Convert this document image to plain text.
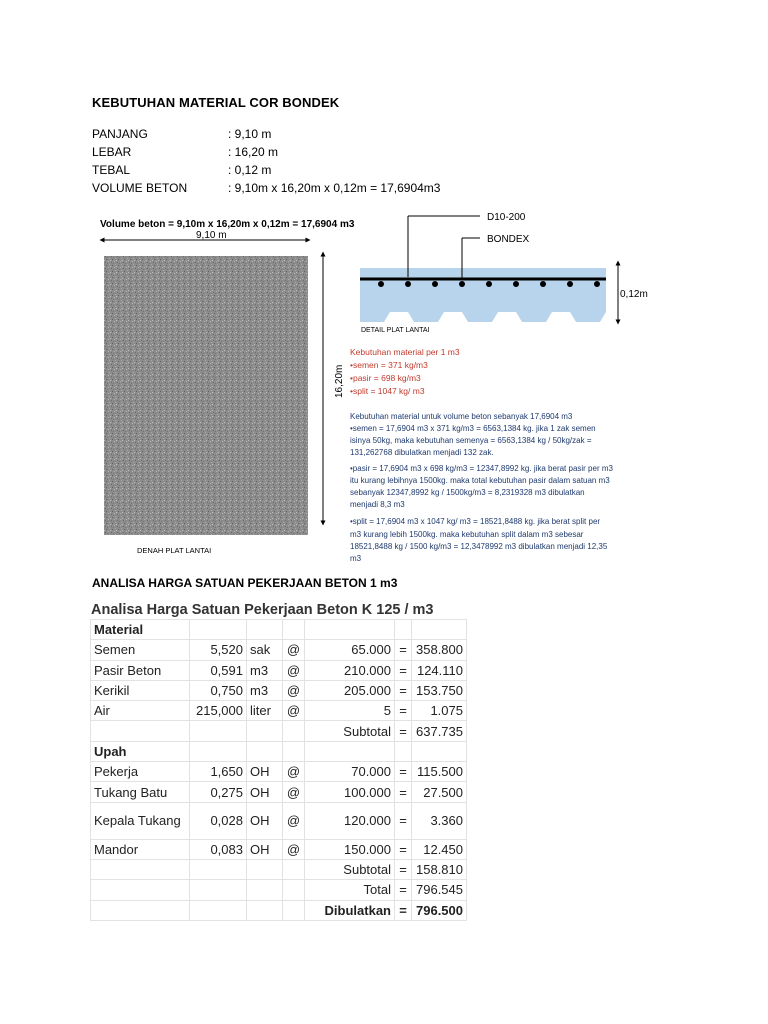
KEBUTUHAN MATERIAL COR BONDEK
PANJANG	: 9,10 m
LEBAR	: 16,20 m
TEBAL	: 0,12 m
VOLUME BETON	: 9,10m x 16,20m x 0,12m = 17,6904m3
Volume beton = 9,10m x 16,20m x 0,12m = 17,6904 m3
9,10 m
16,20m
DENAH PLAT LANTAI
D10-200
BONDEX
0,12m
DETAIL PLAT LANTAI
Kebutuhan material per 1 m3
•semen = 371 kg/m3
•pasir = 698 kg/m3
•split = 1047 kg/ m3
Kebutuhan material untuk volume beton sebanyak 17,6904 m3
•semen = 17,6904 m3 x 371 kg/m3 = 6563,1384 kg. jika 1 zak semen
isinya 50kg, maka kebutuhan semenya = 6563,1384 kg / 50kg/zak =
131,262768 dibulatkan menjadi 132 zak.
•pasir = 17,6904 m3 x 698 kg/m3 = 12347,8992 kg. jika berat pasir per m3
itu kurang lebihnya 1500kg. maka total kebutuhan pasir dalam satuan m3
sebanyak 12347,8992 kg / 1500kg/m3 = 8,2319328 m3 dibulatkan
menjadi 8,3 m3
•split = 17,6904 m3 x 1047 kg/ m3 = 18521,8488 kg. jika berat split per
m3 kurang lebih 1500kg. maka kebutuhan split dalam m3 sebesar
18521,8488 kg / 1500 kg/m3 = 12,3478992 m3 dibulatkan menjadi 12,35
m3
ANALISA HARGA SATUAN PEKERJAAN BETON 1 m3
Analisa Harga Satuan Pekerjaan Beton K 125 / m3
Material						
Semen	5,520	sak	@	65.000	=	358.800
Pasir Beton	0,591	m3	@	210.000	=	124.110
Kerikil	0,750	m3	@	205.000	=	153.750
Air	215,000	liter	@	5	=	1.075
				Subtotal	=	637.735
Upah						
Pekerja	1,650	OH	@	70.000	=	115.500
Tukang Batu	0,275	OH	@	100.000	=	27.500
Kepala Tukang	0,028	OH	@	120.000	=	3.360
Mandor	0,083	OH	@	150.000	=	12.450
				Subtotal	=	158.810
				Total	=	796.545
				Dibulatkan	=	796.500
